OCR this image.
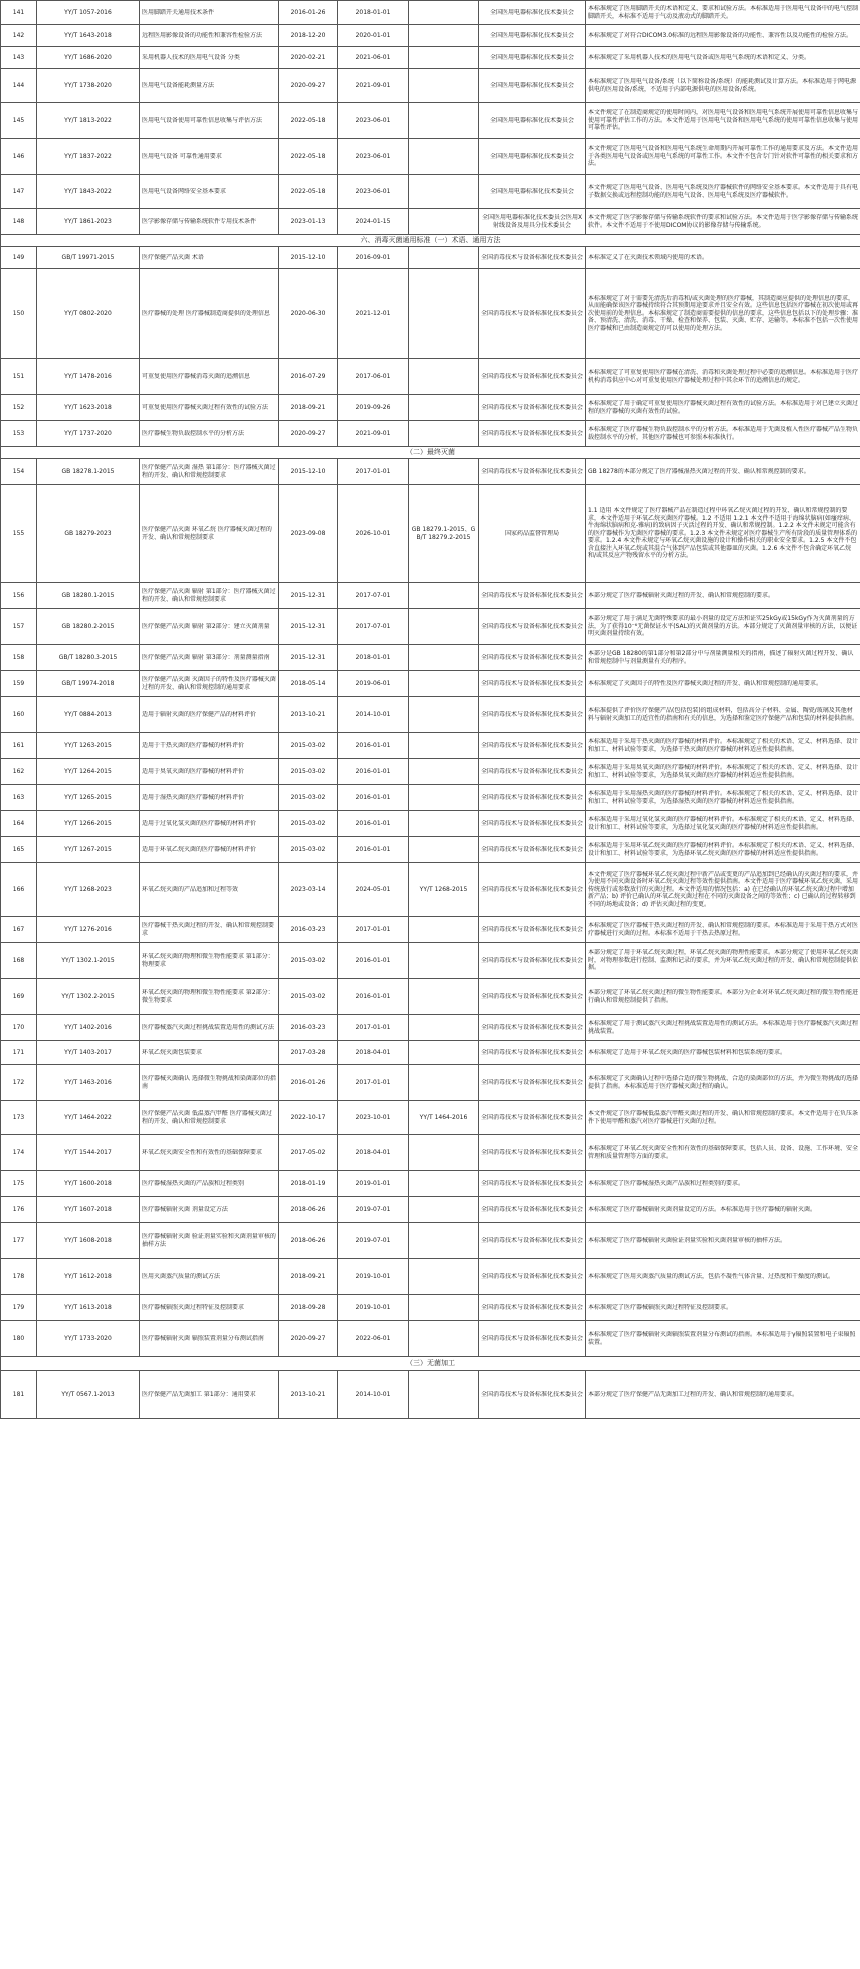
141	YY/T 1057-2016	医用脚踏开关通用技术条件	2016-01-26	2018-01-01		全国医用电器标准化技术委员会	本标准规定了医用脚踏开关的术语和定义、要求和试验方法。本标准适用于医用电气设备中的电气控制脚踏开关，本标准不适用于气动及液动式的脚踏开关。

142	YY/T 1643-2018	远程医用影像设备的功能性和兼容性检验方法	2018-12-20	2020-01-01		全国医用电器标准化技术委员会	本标准规定了对符合DICOM3.0标准的远程医用影像设备的功能性、兼容性以及功能性的检验方法。

143	YY/T 1686-2020	采用机器人技术的医用电气设备 分类	2020-02-21	2021-06-01		全国医用电器标准化技术委员会	本标准规定了采用机器人技术的医用电气设备或医用电气系统的术语和定义、分类。

144	YY/T 1738-2020	医用电气设备能耗测量方法	2020-09-27	2021-09-01		全国医用电器标准化技术委员会	本标准规定了医用电气设备/系统（以下简称设备/系统）的能耗测试及计算方法。本标准适用于网电源供电的医用设备/系统，不适用于内部电源供电的医用设备/系统。

145	YY/T 1813-2022	医用电气设备使用可靠性信息收集与评估方法	2022-05-18	2023-06-01		全国医用电器标准化技术委员会	本文件规定了在制造商规定的使用时间内，对医用电气设备和医用电气系统开展使用可靠性信息收集与使用可靠性评估工作的方法。本文件适用于医用电气设备和医用电气系统的使用可靠性信息收集与使用可靠性评估。

146	YY/T 1837-2022	医用电气设备 可靠性通用要求	2022-05-18	2023-06-01		全国医用电器标准化技术委员会	本文件规定了医用电气设备和医用电气系统生命周期内开展可靠性工作的通用要求及方法。本文件适用于各类医用电气设备或医用电气系统的可靠性工作。本文件不包含专门针对软件可靠性的相关要求和方法。

147	YY/T 1843-2022	医用电气设备网络安全基本要求	2022-05-18	2023-06-01		全国医用电器标准化技术委员会	本文件规定了医用电气设备、医用电气系统及医疗器械软件的网络安全基本要求。本文件适用于具有电子数据交换或远程控制功能的医用电气设备、医用电气系统及医疗器械软件。

148	YY/T 1861-2023	医学影像存储与传输系统软件专用技术条件	2023-01-13	2024-01-15		全国医用电器标准化技术委员会医用X射线设备及用具分技术委员会	本文件规定了医学影像存储与传输系统软件的要求和试验方法。本文件适用于医学影像存储与传输系统软件。本文件不适用于不使用DICOM协议的影像存储与传输系统。

六、消毒灭菌通用标准（一）术语、通用方法							

149	GB/T 19971-2015	医疗保健产品灭菌 术语	2015-12-10	2016-09-01		全国消毒技术与设备标准化技术委员会	本标准定义了在灭菌技术领域内使用的术语。

150	YY/T 0802-2020	医疗器械的处理 医疗器械制造商提供的处理信息	2020-06-30	2021-12-01		全国消毒技术与设备标准化技术委员会	本标准规定了对于需要先清洗后消毒和/或灭菌处理的医疗器械，其制造商应提供的处理信息的要求，从而能确保该医疗器械持续符合其预期用途要求并且安全有效。这些信息包括医疗器械在初次使用或再次使用前的处理信息。本标准规定了制造商需要提供的信息的要求，这些信息包括以下的处理步骤：准备、预清洗、清洗、消毒、干燥、检查和保养、包装、灭菌、贮存、运输等。本标准不包括一次性使用医疗器械和已由制造商规定的可以使用的处理方法。

151	YY/T 1478-2016	可重复使用医疗器械消毒灭菌的追溯信息	2016-07-29	2017-06-01		全国消毒技术与设备标准化技术委员会	本标准规定了可重复使用医疗器械在清洗、消毒和灭菌处理过程中必要的追溯信息。本标准适用于医疗机构消毒供应中心对可重复使用医疗器械处理过程中其余环节的追溯信息的规定。

152	YY/T 1623-2018	可重复使用医疗器械灭菌过程有效性的试验方法	2018-09-21	2019-09-26		全国消毒技术与设备标准化技术委员会	本标准规定了用于确定可重复使用医疗器械灭菌过程有效性的试验方法。本标准适用于对已建立灭菌过程的医疗器械的灭菌有效性的试验。

153	YY/T 1737-2020	医疗器械生物负载控制水平的分析方法	2020-09-27	2021-09-01		全国消毒技术与设备标准化技术委员会	本标准规定了医疗器械生物负载控制水平的分析方法。本标准适用于无菌及植入性医疗器械产品生物负载控制水平的分析，其他医疗器械也可参照本标准执行。

（二）最终灭菌							

154	GB 18278.1-2015	医疗保健产品灭菌 湿热 第1部分：医疗器械灭菌过程的开发、确认和常规控制要求	2015-12-10	2017-01-01		全国消毒技术与设备标准化技术委员会	GB 18278的本部分规定了医疗器械湿热灭菌过程的开发、确认和常规控制的要求。

155	GB 18279-2023	医疗保健产品灭菌 环氧乙烷 医疗器械灭菌过程的开发、确认和常规控制要求	2023-09-08	2026-10-01	GB 18279.1-2015、GB/T 18279.2-2015	国家药品监督管理局	1.1 适用 本文件规定了医疗器械产品在制造过程中环氧乙烷灭菌过程的开发、确认和常规控制的要求，本文件适用于环氧乙烷灭菌医疗器械。1.2 不适用 1.2.1 本文件不适用于海绵状脑病(如瘙痒病、牛海绵状脑病和克-雅病)的致病因子灭活过程的开发、确认和常规控制。1.2.2 本文件未规定可能含有的医疗器械作为无菌医疗器械的要求。1.2.3 本文件未规定对医疗器械生产所有阶段的质量管理体系的要求。1.2.4 本文件未规定与环氧乙烷灭菌设施的设计和操作相关的职业安全要求。1.2.5 本文件不包含直接注入环氧乙烷或其混合气体到产品包装或其他器皿的灭菌。1.2.6 本文件不包含确定环氧乙烷和/或其反应产物残留水平的分析方法。

156	GB 18280.1-2015	医疗保健产品灭菌 辐射 第1部分：医疗器械灭菌过程的开发、确认和常规控制要求	2015-12-31	2017-07-01		全国消毒技术与设备标准化技术委员会	本部分规定了医疗器械辐射灭菌过程的开发、确认和常规控制的要求。

157	GB 18280.2-2015	医疗保健产品灭菌 辐射 第2部分：建立灭菌剂量	2015-12-31	2017-07-01		全国消毒技术与设备标准化技术委员会	本部分规定了用于满足无菌特殊要求的最小剂量的设定方法和证实25kGy或15kGy作为灭菌剂量的方法，为了获得10⁻⁶无菌保证水平(SAL)的灭菌剂量的方法。本部分规定了灭菌剂量审核的方法，以便证明灭菌剂量持续有效。

158	GB/T 18280.3-2015	医疗保健产品灭菌 辐射 第3部分：剂量测量指南	2015-12-31	2018-01-01		全国消毒技术与设备标准化技术委员会	本部分是GB 18280的第1部分和第2部分中与剂量测量相关的指南，描述了辐射灭菌过程开发、确认和常规控制中与剂量测量有关的程序。

159	GB/T 19974-2018	医疗保健产品灭菌 灭菌因子的特性及医疗器械灭菌过程的开发、确认和常规控制的通用要求	2018-05-14	2019-06-01		全国消毒技术与设备标准化技术委员会	本标准规定了灭菌因子的特性及医疗器械灭菌过程的开发、确认和常规控制的通用要求。

160	YY/T 0884-2013	适用于辐射灭菌的医疗保健产品的材料评价	2013-10-21	2014-10-01		全国消毒技术与设备标准化技术委员会	本标准提供了评价医疗保健产品(包括包装)的组成材料，包括高分子材料、金属、陶瓷/玻璃及其他材料与辐射灭菌加工的适宜性的指南和有关的信息，为选择和鉴定医疗保健产品和包装的材料提供指南。

161	YY/T 1263-2015	适用于干热灭菌的医疗器械的材料评价	2015-03-02	2016-01-01		全国消毒技术与设备标准化技术委员会	本标准适用于采用干热灭菌的医疗器械的材料评价。本标准规定了相关的术语、定义、材料选择、设计和加工、材料试验等要求，为选择干热灭菌的医疗器械的材料适应性提供指南。

162	YY/T 1264-2015	适用于臭氧灭菌的医疗器械的材料评价	2015-03-02	2016-01-01		全国消毒技术与设备标准化技术委员会	本标准适用于采用臭氧灭菌的医疗器械的材料评价。本标准规定了相关的术语、定义、材料选择、设计和加工、材料试验等要求，为选择臭氧灭菌的医疗器械的材料适应性提供指南。

163	YY/T 1265-2015	适用于湿热灭菌的医疗器械的材料评价	2015-03-02	2016-01-01		全国消毒技术与设备标准化技术委员会	本标准适用于采用湿热灭菌的医疗器械的材料评价。本标准规定了相关的术语、定义、材料选择、设计和加工、材料试验等要求，为选择湿热灭菌的医疗器械的材料适应性提供指南。

164	YY/T 1266-2015	适用于过氧化氢灭菌的医疗器械的材料评价	2015-03-02	2016-01-01		全国消毒技术与设备标准化技术委员会	本标准适用于采用过氧化氢灭菌的医疗器械的材料评价。本标准规定了相关的术语、定义、材料选择、设计和加工、材料试验等要求，为选择过氧化氢灭菌的医疗器械的材料适应性提供指南。

165	YY/T 1267-2015	适用于环氧乙烷灭菌的医疗器械的材料评价	2015-03-02	2016-01-01		全国消毒技术与设备标准化技术委员会	本标准适用于采用环氧乙烷灭菌的医疗器械的材料评价。本标准规定了相关的术语、定义、材料选择、设计和加工、材料试验等要求，为选择环氧乙烷灭菌的医疗器械的材料适应性提供指南。

166	YY/T 1268-2023	环氧乙烷灭菌的产品追加和过程等效	2023-03-14	2024-05-01	YY/T 1268-2015	全国消毒技术与设备标准化技术委员会	本文件规定了医疗器械环氧乙烷灭菌过程中新产品或变更的产品追加到已经确认的灭菌过程的要求，并为使用不同灭菌设备时环氧乙烷灭菌过程等效性提供指南。本文件适用于医疗器械环氧乙烷灭菌，采用传统放行或参数放行的灭菌过程。本文件适用的情况包括：a) 在已经确认的环氧乙烷灭菌过程中增加新产品；b) 评价已确认的环氧乙烷灭菌过程在不同的灭菌设备之间的等效性；c) 已确认的过程转移到不同的场地或设备；d) 评估灭菌过程的变更。

167	YY/T 1276-2016	医疗器械干热灭菌过程的开发、确认和常规控制要求	2016-03-23	2017-01-01		全国消毒技术与设备标准化技术委员会	本标准规定了医疗器械干热灭菌过程的开发、确认和常规控制的要求。本标准适用于采用干热方式对医疗器械进行灭菌的过程。本标准不适用于干热去热原过程。

168	YY/T 1302.1-2015	环氧乙烷灭菌的物理和微生物性能要求 第1部分：物理要求	2015-03-02	2016-01-01		全国消毒技术与设备标准化技术委员会	本部分规定了用于环氧乙烷灭菌过程，环氧乙烷灭菌的物理性能要求。本部分规定了使用环氧乙烷灭菌时，对物理参数进行控制、监测和记录的要求，并为环氧乙烷灭菌过程的开发、确认和常规控制提供依据。

169	YY/T 1302.2-2015	环氧乙烷灭菌的物理和微生物性能要求 第2部分：微生物要求	2015-03-02	2016-01-01		全国消毒技术与设备标准化技术委员会	本部分规定了环氧乙烷灭菌过程的微生物性能要求。本部分为企业对环氧乙烷灭菌过程的微生物性能进行确认和常规控制提供了指南。

170	YY/T 1402-2016	医疗器械蒸汽灭菌过程挑战装置适用性的测试方法	2016-03-23	2017-01-01		全国消毒技术与设备标准化技术委员会	本标准规定了用于测试蒸汽灭菌过程挑战装置适用性的测试方法。本标准适用于医疗器械蒸汽灭菌过程挑战装置。

171	YY/T 1403-2017	环氧乙烷灭菌包装要求	2017-03-28	2018-04-01		全国消毒技术与设备标准化技术委员会	本标准规定了适用于环氧乙烷灭菌的医疗器械包装材料和包装系统的要求。

172	YY/T 1463-2016	医疗器械灭菌确认 选择微生物挑战和染菌部位的指南	2016-01-26	2017-01-01		全国消毒技术与设备标准化技术委员会	本标准规定了灭菌确认过程中选择合适的微生物挑战、合适的染菌部位的方法，并为微生物挑战的选择提供了指南。本标准适用于医疗器械灭菌过程的确认。

173	YY/T 1464-2022	医疗保健产品灭菌 低温蒸汽甲醛 医疗器械灭菌过程的开发、确认和常规控制要求	2022-10-17	2023-10-01	YY/T 1464-2016	全国消毒技术与设备标准化技术委员会	本文件规定了医疗器械低温蒸汽甲醛灭菌过程的开发、确认和常规控制的要求。本文件适用于在负压条件下使用甲醛和蒸汽对医疗器械进行灭菌的过程。

174	YY/T 1544-2017	环氧乙烷灭菌安全性和有效性的基础保障要求	2017-05-02	2018-04-01		全国消毒技术与设备标准化技术委员会	本标准规定了环氧乙烷灭菌安全性和有效性的基础保障要求，包括人员、设备、设施、工作环境、安全管理和质量管理等方面的要求。

175	YY/T 1600-2018	医疗器械湿热灭菌的产品族和过程类别	2018-01-19	2019-01-01		全国消毒技术与设备标准化技术委员会	本标准规定了医疗器械湿热灭菌产品族和过程类别的要求。

176	YY/T 1607-2018	医疗器械辐射灭菌 剂量设定方法	2018-06-26	2019-07-01		全国消毒技术与设备标准化技术委员会	本标准规定了医疗器械辐射灭菌剂量设定的方法。本标准适用于医疗器械的辐射灭菌。

177	YY/T 1608-2018	医疗器械辐射灭菌 验证剂量实验和灭菌剂量审核的抽样方法	2018-06-26	2019-07-01		全国消毒技术与设备标准化技术委员会	本标准规定了医疗器械辐射灭菌验证剂量实验和灭菌剂量审核的抽样方法。

178	YY/T 1612-2018	医用灭菌蒸汽质量的测试方法	2018-09-21	2019-10-01		全国消毒技术与设备标准化技术委员会	本标准规定了医用灭菌蒸汽质量的测试方法，包括不凝性气体含量、过热度和干燥度的测试。

179	YY/T 1613-2018	医疗器械辐照灭菌过程特征及控制要求	2018-09-28	2019-10-01		全国消毒技术与设备标准化技术委员会	本标准规定了医疗器械辐照灭菌过程特征及控制要求。

180	YY/T 1733-2020	医疗器械辐射灭菌 辐照装置剂量分布测试指南	2020-09-27	2022-06-01		全国消毒技术与设备标准化技术委员会	本标准规定了医疗器械辐射灭菌辐照装置剂量分布测试的指南。本标准适用于γ辐照装置和电子束辐照装置。

（三）无菌加工							

181	YY/T 0567.1-2013	医疗保健产品无菌加工 第1部分：通用要求	2013-10-21	2014-10-01		全国消毒技术与设备标准化技术委员会	本部分规定了医疗保健产品无菌加工过程的开发、确认和常规控制的通用要求。
